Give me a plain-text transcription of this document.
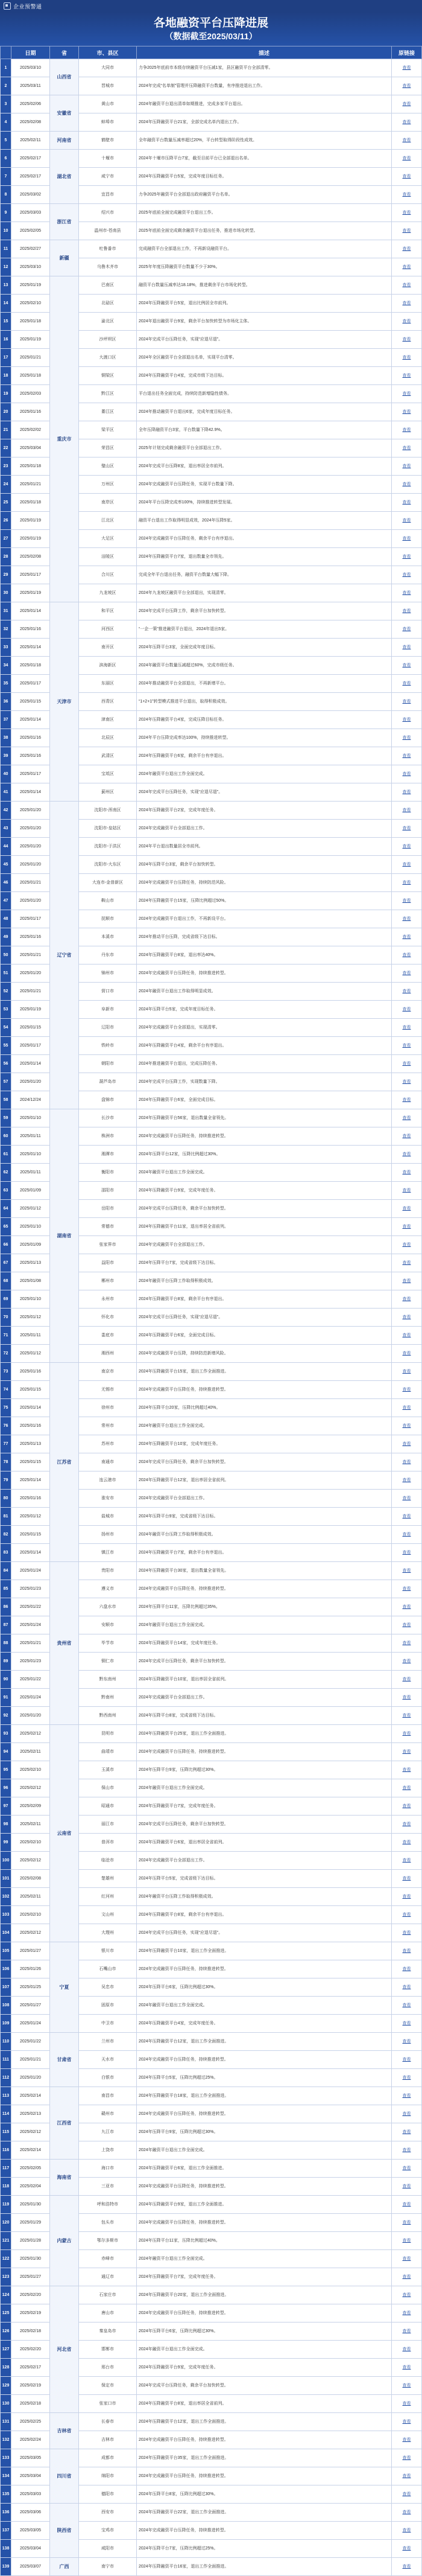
企业预警通
各地融资平台压降进展
（数据截至2025/03/11）
	日期	省	市、县区	描述	原链接
1	2025/03/10	山西省	大同市	力争2025年底前市本级存续融资平台压减1家，县区融资平台全部清零。	查看
2	2025/03/11		晋城市	2024年完成“名单制”管理并压降融资平台数量，有序推进退出工作。	查看
3	2025/02/06	安徽省	黄山市	2024年融资平台退出清单如期推进，完成多家平台退出。	查看
4	2025/02/08		蚌埠市	2024年压降融资平台21家，全部完成名单内退出工作。	查看
5	2025/02/11	河南省	鹤壁市	全年融资平台数量压减率超过20%，平台转型取得阶段性成效。	查看
6	2025/02/17	湖北省	十堰市	2024年十堰市压降平台7家，截至目前平台已全部退出名单。	查看
7	2025/02/17		咸宁市	2024年压降融资平台5家，完成年度目标任务。	查看
8	2025/03/02		宜昌市	力争2025年融资平台全部退出政府融资平台名单。	查看
9	2025/03/03	浙江省	绍兴市	2025年底前全面完成融资平台退出工作。	查看
10	2025/02/05		温州市-苍南县	2025年底前全面完成剩余融资平台退出任务，推进市场化转型。	查看
11	2025/02/27	新疆	吐鲁番市	完成融资平台全部退出工作，不再新设融资平台。	查看
12	2025/03/10		乌鲁木齐市	2025年年度压降融资平台数量不少于30%。	查看
13	2025/01/19	重庆市	巴南区	融资平台数量压减率达18.18%，推进剩余平台市场化转型。	查看
14	2025/02/10		北碚区	2024年压降融资平台5家，退出比例居全市前列。	查看
15	2025/01/18		渝北区	2024年退出融资平台9家，剩余平台加快转型为市场化主体。	查看
16	2025/01/19		沙坪坝区	2024年完成平台压降任务，实现“应退尽退”。	查看
17	2025/01/21		大渡口区	2024年全区融资平台全部退出名单，实现平台清零。	查看
18	2025/01/18		铜梁区	2024年压降融资平台4家，完成市级下达目标。	查看
19	2025/02/03		黔江区	平台退出任务全面完成，持续防范新增隐性债务。	查看
20	2025/01/16		綦江区	2024年推动融资平台退出6家，完成年度目标任务。	查看
21	2025/02/02		梁平区	全年压降融资平台3家，平台数量下降42.9%。	查看
22	2025/03/04		荣昌区	2025年计划完成剩余融资平台全部退出工作。	查看
23	2025/01/18		璧山区	2024年完成平台压降8家，退出率居全市前列。	查看
24	2025/01/21		万州区	2024年完成融资平台压降任务，实现平台数量下降。	查看
25	2025/01/18		南岸区	2024年平台压降完成率100%，持续推进转型发展。	查看
26	2025/01/19		江北区	融资平台退出工作取得明显成效，2024年压降5家。	查看
27	2025/01/19		大足区	2024年完成融资平台压降任务，剩余平台有序退出。	查看
28	2025/02/08		涪陵区	2024年压降融资平台7家，退出数量全市领先。	查看
29	2025/01/17		合川区	完成全年平台退出任务，融资平台数量大幅下降。	查看
30	2025/01/19		九龙坡区	2024年九龙坡区融资平台全部退出，实现清零。	查看
31	2025/01/14	天津市	和平区	2024年完成平台压降工作，剩余平台加快转型。	查看
32	2025/01/16		河西区	“一企一策”推进融资平台退出，2024年退出5家。	查看
33	2025/01/14		南开区	2024年压降平台3家，全面完成年度目标。	查看
34	2025/01/18		滨海新区	2024年融资平台数量压减超过60%，完成市级任务。	查看
35	2025/01/17		东丽区	2024年推动融资平台全部退出，不再新增平台。	查看
36	2025/01/15		西青区	“1+2+1”转型模式推进平台退出，取得积极成效。	查看
37	2025/01/14		津南区	2024年压降融资平台4家，完成压降目标任务。	查看
38	2025/01/16		北辰区	2024年平台压降完成率达100%，持续推进转型。	查看
39	2025/01/16		武清区	2024年压降融资平台6家，剩余平台有序退出。	查看
40	2025/01/17		宝坻区	2024年融资平台退出工作全面完成。	查看
41	2025/01/14		蓟州区	2024年完成平台压降任务，实现“应退尽退”。	查看
42	2025/01/20	辽宁省	沈阳市-浑南区	2024年压降融资平台2家，完成年度任务。	查看
43	2025/01/20		沈阳市-皇姑区	2024年完成融资平台全部退出工作。	查看
44	2025/01/20		沈阳市-于洪区	2024年平台退出数量居全市前列。	查看
45	2025/01/20		沈阳市-大东区	2024年压降平台3家，剩余平台加快转型。	查看
46	2025/01/21		大连市-金普新区	2024年完成融资平台压降任务，持续防范风险。	查看
47	2025/01/20		鞍山市	2024年压降融资平台15家，压降比例超过50%。	查看
48	2025/01/17		抚顺市	2024年完成融资平台退出工作，不再新设平台。	查看
49	2025/01/16		本溪市	2024年推动平台压降，完成省级下达目标。	查看
50	2025/01/21		丹东市	2024年压降融资平台8家，退出率达40%。	查看
51	2025/01/20		锦州市	2024年完成融资平台压降任务，持续推进转型。	查看
52	2025/01/21		营口市	2024年融资平台退出工作取得明显成效。	查看
53	2025/01/19		阜新市	2024年压降平台5家，完成年度目标任务。	查看
54	2025/01/15		辽阳市	2024年完成融资平台全部退出，实现清零。	查看
55	2025/01/17		铁岭市	2024年压降融资平台4家，剩余平台有序退出。	查看
56	2025/01/14		朝阳市	2024年推进融资平台退出，完成压降任务。	查看
57	2025/01/20		葫芦岛市	2024年完成平台压降工作，实现数量下降。	查看
58	2024/12/24		盘锦市	2024年压降融资平台6家，全面完成目标。	查看
59	2025/01/10	湖南省	长沙市	2024年压降融资平台56家，退出数量全省领先。	查看
60	2025/01/11		株洲市	2024年完成融资平台压降任务，持续推进转型。	查看
61	2025/01/10		湘潭市	2024年压降平台12家，压降比例超过30%。	查看
62	2025/01/11		衡阳市	2024年融资平台退出工作全面完成。	查看
63	2025/01/09		邵阳市	2024年压降融资平台9家，完成年度任务。	查看
64	2025/01/12		岳阳市	2024年完成平台压降任务，剩余平台加快转型。	查看
65	2025/01/10		常德市	2024年压降融资平台11家，退出率居全省前列。	查看
66	2025/01/09		张家界市	2024年完成融资平台全部退出工作。	查看
67	2025/01/13		益阳市	2024年压降平台7家，完成省级下达目标。	查看
68	2025/01/08		郴州市	2024年融资平台压降工作取得积极成效。	查看
69	2025/01/10		永州市	2024年压降融资平台8家，剩余平台有序退出。	查看
70	2025/01/12		怀化市	2024年完成平台压降任务，实现“应退尽退”。	查看
71	2025/01/11		娄底市	2024年压降融资平台6家，全面完成目标。	查看
72	2025/01/12		湘西州	2024年完成融资平台压降，持续防范新增风险。	查看
73	2025/01/16	江苏省	南京市	2024年压降融资平台15家，退出工作全面推进。	查看
74	2025/01/15		无锡市	2024年完成融资平台压降任务，持续推进转型。	查看
75	2025/01/14		徐州市	2024年压降平台20家，压降比例超过40%。	查看
76	2025/01/16		常州市	2024年融资平台退出工作全面完成。	查看
77	2025/01/13		苏州市	2024年压降融资平台10家，完成年度任务。	查看
78	2025/01/15		南通市	2024年完成平台压降任务，剩余平台加快转型。	查看
79	2025/01/14		连云港市	2024年压降融资平台12家，退出率居全省前列。	查看
80	2025/01/16		淮安市	2024年完成融资平台全部退出工作。	查看
81	2025/01/12		盐城市	2024年压降平台9家，完成省级下达目标。	查看
82	2025/01/15		扬州市	2024年融资平台压降工作取得积极成效。	查看
83	2025/01/14		镇江市	2024年压降融资平台7家，剩余平台有序退出。	查看
84	2025/01/24	贵州省	贵阳市	2024年压降融资平台30家，退出数量全省领先。	查看
85	2025/01/23		遵义市	2024年完成融资平台压降任务，持续推进转型。	查看
86	2025/01/22		六盘水市	2024年压降平台11家，压降比例超过35%。	查看
87	2025/01/24		安顺市	2024年融资平台退出工作全面完成。	查看
88	2025/01/21		毕节市	2024年压降融资平台14家，完成年度任务。	查看
89	2025/01/23		铜仁市	2024年完成平台压降任务，剩余平台加快转型。	查看
90	2025/01/22		黔东南州	2024年压降融资平台10家，退出率居全省前列。	查看
91	2025/01/24		黔南州	2024年完成融资平台全部退出工作。	查看
92	2025/01/20		黔西南州	2024年压降平台8家，完成省级下达目标。	查看
93	2025/02/12	云南省	昆明市	2024年压降融资平台25家，退出工作全面推进。	查看
94	2025/02/11		曲靖市	2024年完成融资平台压降任务，持续推进转型。	查看
95	2025/02/10		玉溪市	2024年压降平台9家，压降比例超过30%。	查看
96	2025/02/12		保山市	2024年融资平台退出工作全面完成。	查看
97	2025/02/09		昭通市	2024年压降融资平台7家，完成年度任务。	查看
98	2025/02/11		丽江市	2024年完成平台压降任务，剩余平台加快转型。	查看
99	2025/02/10		普洱市	2024年压降融资平台6家，退出率居全省前列。	查看
100	2025/02/12		临沧市	2024年完成融资平台全部退出工作。	查看
101	2025/02/08		楚雄州	2024年压降平台5家，完成省级下达目标。	查看
102	2025/02/11		红河州	2024年融资平台压降工作取得积极成效。	查看
103	2025/02/10		文山州	2024年压降融资平台8家，剩余平台有序退出。	查看
104	2025/02/12		大理州	2024年完成平台压降任务，实现“应退尽退”。	查看
105	2025/01/27	宁夏	银川市	2024年压降融资平台10家，退出工作全面推进。	查看
106	2025/01/26		石嘴山市	2024年完成融资平台压降任务，持续推进转型。	查看
107	2025/01/25		吴忠市	2024年压降平台6家，压降比例超过30%。	查看
108	2025/01/27		固原市	2024年融资平台退出工作全面完成。	查看
109	2025/01/24		中卫市	2024年压降融资平台4家，完成年度任务。	查看
110	2025/01/22	甘肃省	兰州市	2024年压降融资平台12家，退出工作全面推进。	查看
111	2025/01/21		天水市	2024年完成融资平台压降任务，持续推进转型。	查看
112	2025/01/20		白银市	2024年压降平台5家，压降比例超过25%。	查看
113	2025/02/14	江西省	南昌市	2024年压降融资平台18家，退出工作全面推进。	查看
114	2025/02/13		赣州市	2024年完成融资平台压降任务，持续推进转型。	查看
115	2025/02/12		九江市	2024年压降平台9家，压降比例超过30%。	查看
116	2025/02/14		上饶市	2024年融资平台退出工作全面完成。	查看
117	2025/02/05	海南省	海口市	2024年压降融资平台6家，退出工作全面推进。	查看
118	2025/02/04		三亚市	2024年完成融资平台压降任务，持续推进转型。	查看
119	2025/01/30	内蒙古	呼和浩特市	2024年压降融资平台9家，退出工作全面推进。	查看
120	2025/01/29		包头市	2024年完成融资平台压降任务，持续推进转型。	查看
121	2025/01/28		鄂尔多斯市	2024年压降平台11家，压降比例超过40%。	查看
122	2025/01/30		赤峰市	2024年融资平台退出工作全面完成。	查看
123	2025/01/27		通辽市	2024年压降融资平台7家，完成年度任务。	查看
124	2025/02/20	河北省	石家庄市	2024年压降融资平台20家，退出工作全面推进。	查看
125	2025/02/19		唐山市	2024年完成融资平台压降任务，持续推进转型。	查看
126	2025/02/18		秦皇岛市	2024年压降平台6家，压降比例超过30%。	查看
127	2025/02/20		邯郸市	2024年融资平台退出工作全面完成。	查看
128	2025/02/17		邢台市	2024年压降融资平台9家，完成年度任务。	查看
129	2025/02/19		保定市	2024年完成平台压降任务，剩余平台加快转型。	查看
130	2025/02/18		张家口市	2024年压降融资平台8家，退出率居全省前列。	查看
131	2025/02/25	吉林省	长春市	2024年压降融资平台12家，退出工作全面推进。	查看
132	2025/02/24		吉林市	2024年完成融资平台压降任务，持续推进转型。	查看
133	2025/03/05	四川省	成都市	2024年压降融资平台35家，退出工作全面推进。	查看
134	2025/03/04		绵阳市	2024年完成融资平台压降任务，持续推进转型。	查看
135	2025/03/03		德阳市	2024年压降平台8家，压降比例超过30%。	查看
136	2025/03/06	陕西省	西安市	2024年压降融资平台22家，退出工作全面推进。	查看
137	2025/03/05		宝鸡市	2024年完成融资平台压降任务，持续推进转型。	查看
138	2025/03/04		咸阳市	2024年压降平台7家，压降比例超过25%。	查看
139	2025/03/07	广西	南宁市	2024年压降融资平台16家，退出工作全面推进。	查看
